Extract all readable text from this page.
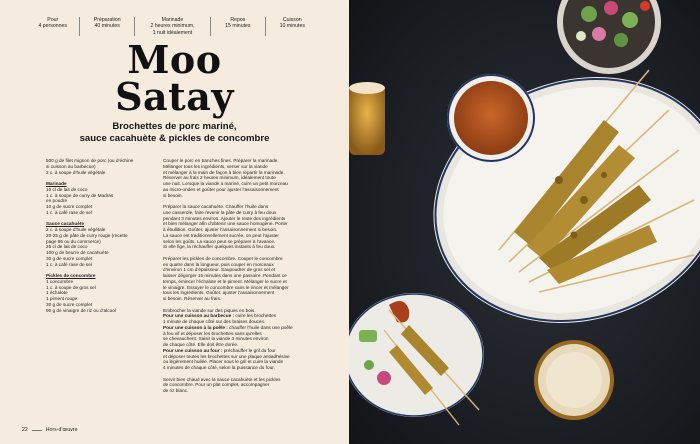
Pour
4 personnes
Préparation
40 minutes
Marinade
2 heures minimum,
1 nuit idéalement
Repos
15 minutes
Cuisson
10 minutes
Moo
Satay
Brochettes de porc mariné,
sauce cacahuète & pickles de concombre

500 g de filet mignon de porc (ou d’échine

si cuisson au barbecue)

2 c. à soupe d’huile végétale

Marinade

10 cl de lait de coco

1 c. à soupe de curry de Madras

en poudre

10 g de sucre complet

1 c. à café rase de sel

Sauce cacahuète

2 c. à soupe d’huile végétale

20-25 g de pâte de curry rouge (recette

page 86 ou du commerce)

25 cl de lait de coco

100 g de beurre de cacahuète

30 g de sucre complet

1 c. à café rase de sel

Pickles de concombre

1 concombre

1 c. à soupe de gros sel

1 échalote

1 piment rouge

30 g de sucre complet

90 g de vinaigre de riz ou d’alcool

Couper le porc en tranches fines. Préparer la marinade.

Mélanger tous les ingrédients, verser sur la viande

et mélanger à la main de façon à bien répartir la marinade.

Réserver au frais 2 heures minimum, idéalement toute

une nuit. Lorsque la viande a mariné, cuire un petit morceau

au micro-ondes et goûter pour ajuster l’assaisonnement

si besoin.

Préparer la sauce cacahuète. Chauffer l’huile dans

une casserole, faire revenir la pâte de curry à feu doux

pendant 3 minutes environ. Ajouter le reste des ingrédients

et bien mélanger afin d’obtenir une sauce homogène. Porter

à ébullition. Goûter, ajuster l’assaisonnement si besoin.

La sauce est traditionnellement sucrée, on peut l’ajuster

selon les goûts. La sauce peut se préparer à l’avance.

Si elle fige, la réchauffer quelques instants à feu doux.

Préparer les pickles de concombre. Couper le concombre

en quatre dans la longueur, puis couper en morceaux

d’environ 1 cm d’épaisseur. Saupoudrer de gros sel et

laisser dégorger 15 minutes dans une passoire. Pendant ce

temps, émincer l’échalote et le piment. Mélanger le sucre et

le vinaigre. Essuyer le concombre sans le rincer et mélanger

tous les ingrédients. Goûter, ajuster l’assaisonnement

si besoin. Réserver au frais.

Embrocher la viande sur des piques en bois.

Pour une cuisson au barbecue : cuire les brochettes

1 minute de chaque côté sur des braises douces.

Pour une cuisson à la poêle : chauffer l’huile dans une poêle

à feu vif et déposer les brochettes sans qu’elles

se chevauchent. Saisir la viande 3 minutes environ

de chaque côté. Elle doit être dorée.

Pour une cuisson au four : préchauffer le gril du four

et déposer toutes les brochettes sur une plaque antiadhésive

ou légèrement huilée. Placer sous le gril et cuire la viande

4 minutes de chaque côté, selon la puissance du four.

Servir bien chaud avec la sauce cacahuète et les pickles

de concombre. Pour un plat complet, accompagner

de riz blanc.

22	Hors-d’œuvre
